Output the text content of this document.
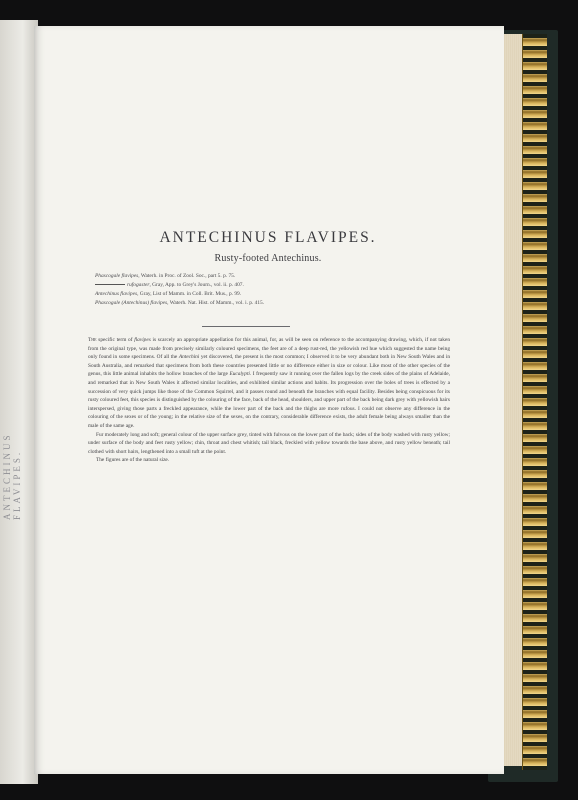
ANTECHINUS FLAVIPES.
ANTECHINUS FLAVIPES.
Rusty-footed Antechinus.
Phascogale flavipes, Waterh. in Proc. of Zool. Soc., part 5. p. 75.
rufogaster, Gray, App. to Grey's Journ., vol. ii. p. 407.
Antechinus flavipes, Gray, List of Mamm. in Coll. Brit. Mus., p. 99.
Phascogale (Antechinus) flavipes, Waterh. Nat. Hist. of Mamm., vol. i. p. 415.

The specific term of flavipes is scarcely an appropriate appellation for this animal, for, as will be seen on reference to the accompanying drawing, which, if not taken from the original type, was made from precisely similarly coloured specimens, the feet are of a deep rust-red, the yellowish red hue which suggested the name being only found in some specimens. Of all the Antechini yet discovered, the present is the most common; I observed it to be very abundant both in New South Wales and in South Australia, and remarked that specimens from both these countries presented little or no difference either in size or colour. Like most of the other species of the genus, this little animal inhabits the hollow branches of the large Eucalypti. I frequently saw it running over the fallen logs by the creek sides of the plains of Adelaide, and remarked that in New South Wales it affected similar localities, and exhibited similar actions and habits. Its progression over the boles of trees is effected by a succession of very quick jumps like those of the Common Squirrel, and it passes round and beneath the branches with equal facility. Besides being conspicuous for its rusty coloured feet, this species is distinguished by the colouring of the face, back of the head, shoulders, and upper part of the back being dark grey with yellowish hairs interspersed, giving those parts a freckled appearance, while the lower part of the back and the thighs are more rufous. I could not observe any difference in the colouring of the sexes or of the young; in the relative size of the sexes, on the contrary, considerable difference exists, the adult female being always smaller than the male of the same age.

Fur moderately long and soft; general colour of the upper surface grey, tinted with fulvous on the lower part of the back; sides of the body washed with rusty yellow; under surface of the body and feet rusty yellow; chin, throat and chest whitish; tail black, freckled with yellow towards the base above, and rusty yellow beneath; tail clothed with short hairs, lengthened into a small tuft at the point.

The figures are of the natural size.
